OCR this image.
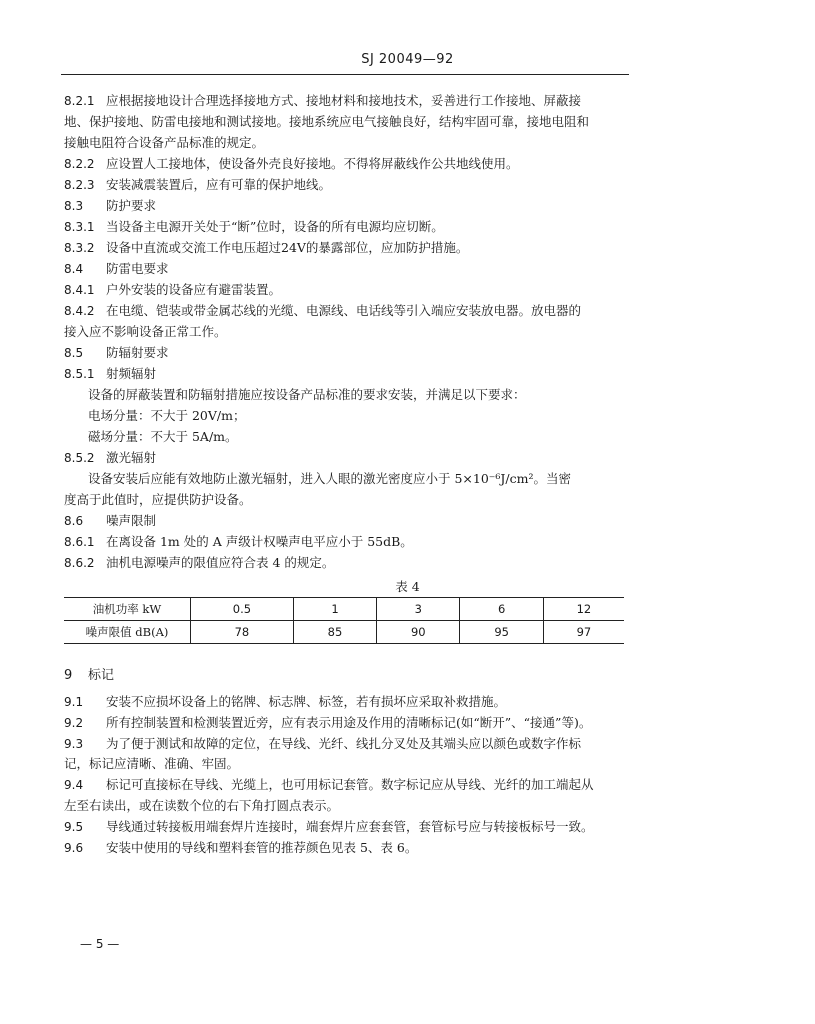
SJ 20049—92
8.2.1 应根据接地设计合理选择接地方式、接地材料和接地技术，妥善进行工作接地、屏蔽接
地、保护接地、防雷电接地和测试接地。接地系统应电气接触良好，结构牢固可靠，接地电阻和
接触电阻符合设备产品标准的规定。
8.2.2 应设置人工接地体，使设备外壳良好接地。不得将屏蔽线作公共地线使用。
8.2.3 安装减震装置后，应有可靠的保护地线。
8.3 防护要求
8.3.1 当设备主电源开关处于“断”位时，设备的所有电源均应切断。
8.3.2 设备中直流或交流工作电压超过24V的暴露部位，应加防护措施。
8.4 防雷电要求
8.4.1 户外安装的设备应有避雷装置。
8.4.2 在电缆、铠装或带金属芯线的光缆、电源线、电话线等引入端应安装放电器。放电器的
接入应不影响设备正常工作。
8.5 防辐射要求
8.5.1 射频辐射
设备的屏蔽装置和防辐射措施应按设备产品标准的要求安装，并满足以下要求：
电场分量：不大于 20V/m；
磁场分量：不大于 5A/m。
8.5.2 激光辐射
设备安装后应能有效地防止激光辐射，进入人眼的激光密度应小于 5×10⁻⁶J/cm²。当密
度高于此值时，应提供防护设备。
8.6 噪声限制
8.6.1 在离设备 1m 处的 A 声级计权噪声电平应小于 55dB。
8.6.2 油机电源噪声的限值应符合表 4 的规定。
表 4
油机功率 kW	0.5	1	3	6	12
噪声限值 dB(A)	78	85	90	95	97
9 标记
9.1 安装不应损坏设备上的铭牌、标志牌、标签，若有损坏应采取补救措施。
9.2 所有控制装置和检测装置近旁，应有表示用途及作用的清晰标记(如“断开”、“接通”等)。
9.3 为了便于测试和故障的定位，在导线、光纤、线扎分叉处及其端头应以颜色或数字作标
记，标记应清晰、准确、牢固。
9.4 标记可直接标在导线、光缆上，也可用标记套管。数字标记应从导线、光纤的加工端起从
左至右读出，或在读数个位的右下角打圆点表示。
9.5 导线通过转接板用端套焊片连接时，端套焊片应套套管，套管标号应与转接板标号一致。
9.6 安装中使用的导线和塑料套管的推荐颜色见表 5、表 6。
— 5 —
